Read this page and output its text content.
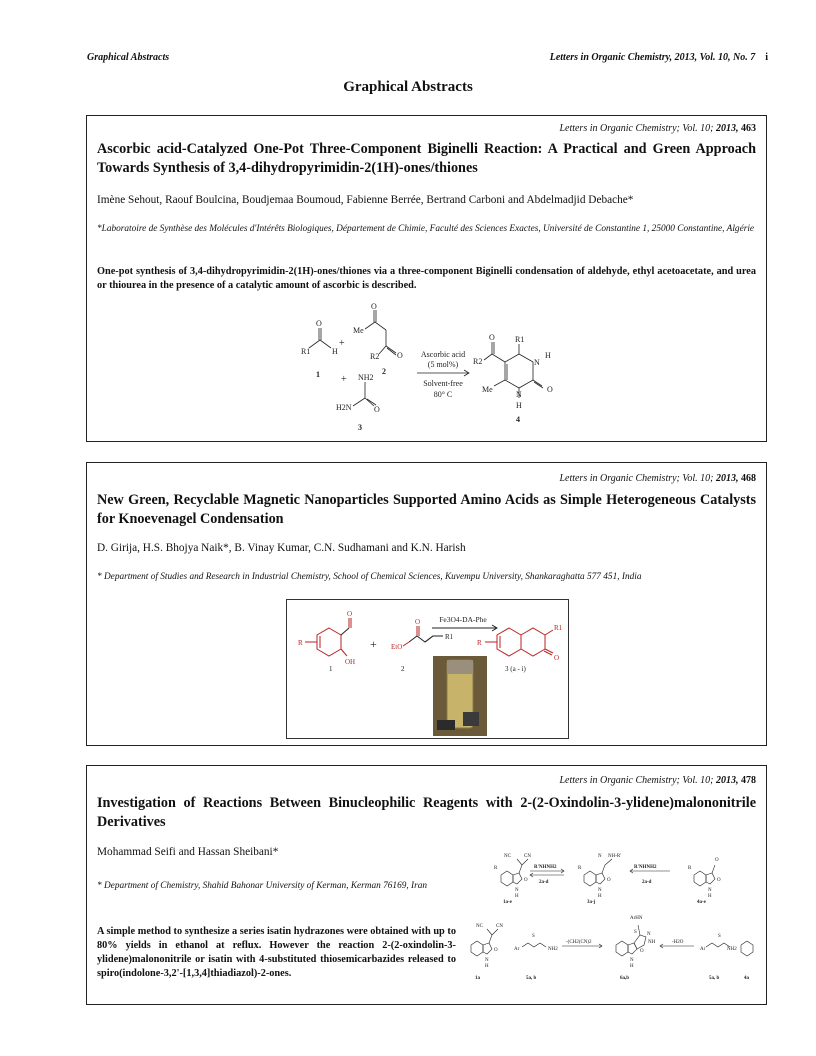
Graphical Abstracts	Letters in Organic Chemistry, 2013, Vol. 10, No. 7 i
Graphical Abstracts
Letters in Organic Chemistry; Vol. 10; 2013, 463
Ascorbic acid-Catalyzed One-Pot Three-Component Biginelli Reaction: A Practical and Green Approach Towards Synthesis of 3,4-dihydropyrimidin-2(1H)-ones/thiones
Imène Sehout, Raouf Boulcina, Boudjemaa Boumoud, Fabienne Berrée, Bertrand Carboni and Abdelmadjid Debache*
*Laboratoire de Synthèse des Molécules d'Intérêts Biologiques, Département de Chimie, Faculté des Sciences Exactes, Université de Constantine 1, 25000 Constantine, Algérie
One-pot synthesis of 3,4-dihydropyrimidin-2(1H)-ones/thiones via a three-component Biginelli condensation of aldehyde, ethyl acetoacetate, and urea or thiourea in the presence of a catalytic amount of ascorbic is described.
O
R1	H
+
1
O
Me
R2 O
2
+ NH2
H2N	O
3
Ascorbic acid
(5 mol%)
Solvent-free
80° C
R1
O
R2	N
H
O
Me
N
H
4
Letters in Organic Chemistry; Vol. 10; 2013, 468
New Green, Recyclable Magnetic Nanoparticles Supported Amino Acids as Simple Heterogeneous Catalysts for Knoevenagel Condensation
D. Girija, H.S. Bhojya Naik*, B. Vinay Kumar, C.N. Sudhamani and K.N. Harish
* Department of Studies and Research in Industrial Chemistry, School of Chemical Sciences, Kuvempu University, Shankaraghatta 577 451, India
R
O
OH
+ EtO
O
R1
Fe3O4-DA-Phe
R
R1
O
1	2	3 (a - i)
Letters in Organic Chemistry; Vol. 10; 2013, 478
Investigation of Reactions Between Binucleophilic Reagents with 2-(2-Oxindolin-3-ylidene)malononitrile Derivatives
Mohammad Seifi and Hassan Sheibani*
* Department of Chemistry, Shahid Bahonar University of Kerman, Kerman 76169, Iran
A simple method to synthesize a series isatin hydrazones were obtained with up to 80% yields in ethanol at reflux. However the reaction 2-(2-oxindolin-3-ylidene)malononitrile or isatin with 4-substituted thiosemicarbazides released to spiro(indolone-3,2'-[1,3,4]thiadiazol)-2-ones.
NC	CN
R
O
N
H
R'NHNH2
2a-d
1a-e
N NH-R'
R
O
N
H
3a-j
R'NHNH2
2a-d
R
O
O
N
H
4a-e
NC	CN
O
N
H
Ar
S
NH2
-(CH2(CN)2
ArHN
N
NH
S
O
N
H
-H2O
Ar
S
NH2
1a	5a, b	6a,b	5a, b	4a
